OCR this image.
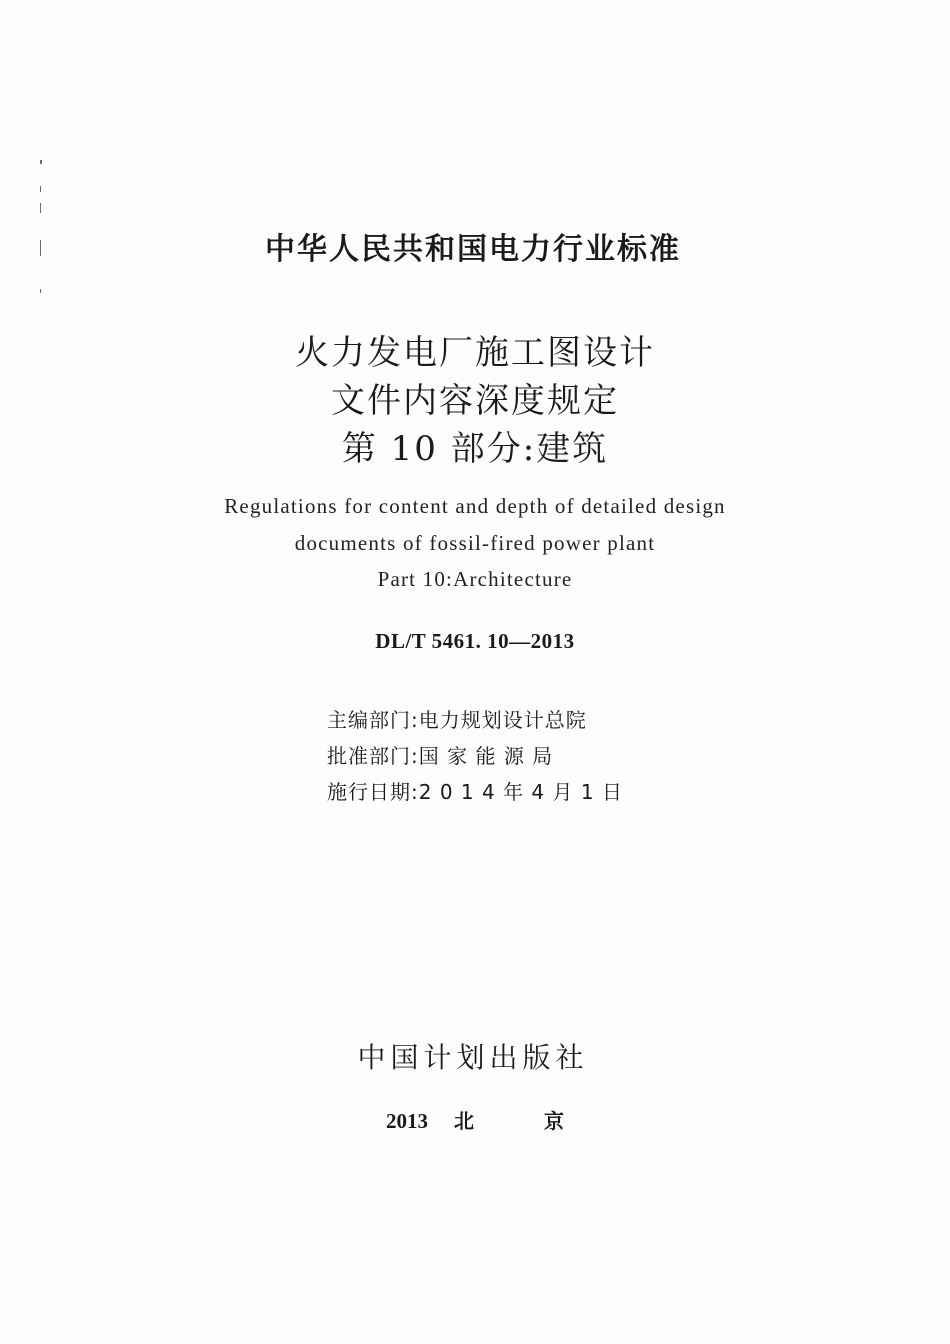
中华人民共和国电力行业标准
火力发电厂施工图设计
文件内容深度规定
第 10 部分:建筑
Regulations for content and depth of detailed design
documents of fossil-fired power plant
Part 10:Architecture
DL/T 5461. 10—2013
主编部门:电力规划设计总院
批准部门:国 家 能 源 局
施行日期:2 0 1 4 年 4 月 1 日
中国计划出版社
2013 北京
